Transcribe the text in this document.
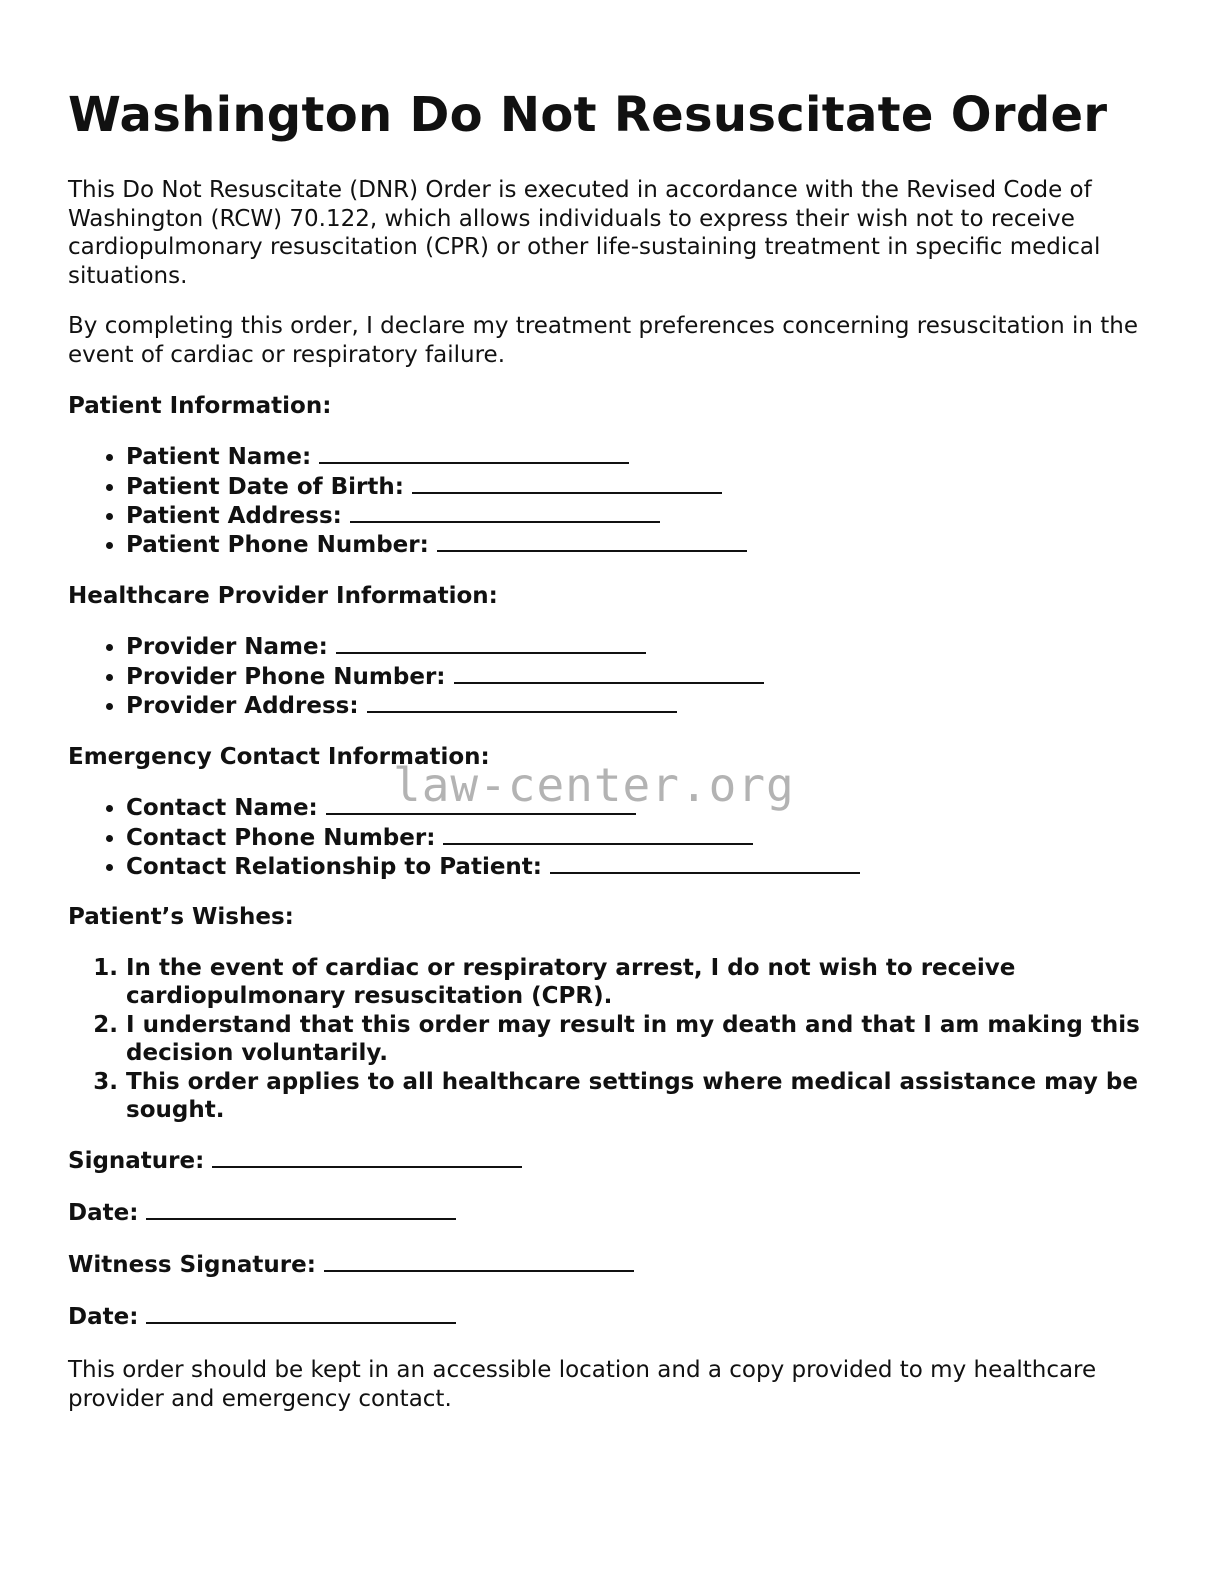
Washington Do Not Resuscitate Order

This Do Not Resuscitate (DNR) Order is executed in accordance with the Revised Code of Washington (RCW) 70.122, which allows individuals to express their wish not to receive cardiopulmonary resuscitation (CPR) or other life-sustaining treatment in specific medical situations.

By completing this order, I declare my treatment preferences concerning resuscitation in the event of cardiac or respiratory failure.

Patient Information:
• Patient Name:
• Patient Date of Birth:
• Patient Address:
• Patient Phone Number:
Healthcare Provider Information:
• Provider Name:
• Provider Phone Number:
• Provider Address:
Emergency Contact Information:
• Contact Name:
• Contact Phone Number:
• Contact Relationship to Patient:
Patient’s Wishes:
1. In the event of cardiac or respiratory arrest, I do not wish to receive cardiopulmonary resuscitation (CPR).
2. I understand that this order may result in my death and that I am making this decision voluntarily.
3. This order applies to all healthcare settings where medical assistance may be sought.
Signature:
Date:
Witness Signature:
Date:

This order should be kept in an accessible location and a copy provided to my healthcare provider and emergency contact.

law-center.org
